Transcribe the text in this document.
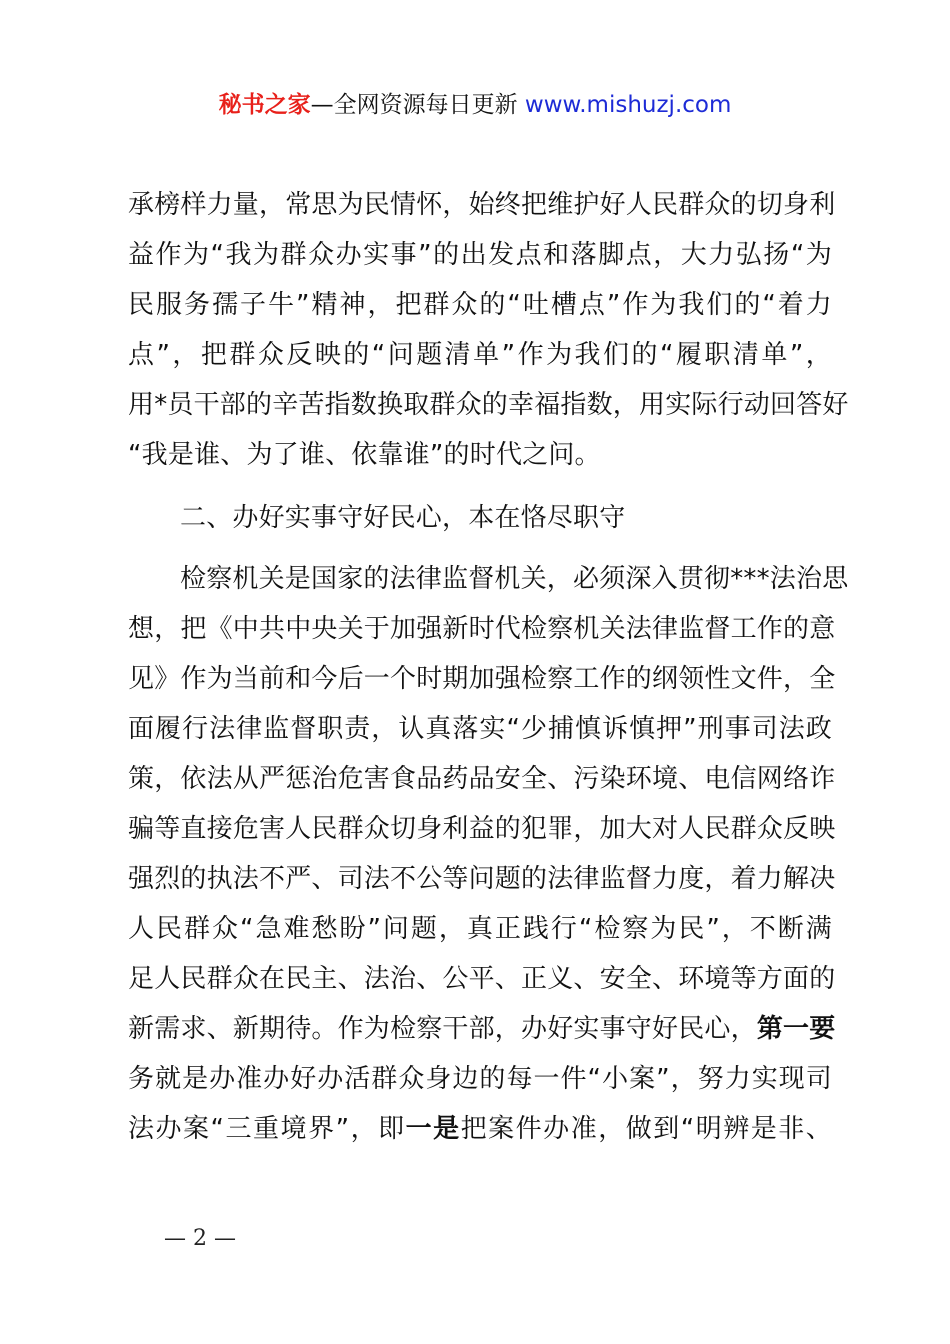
秘书之家—全网资源每日更新 www.mishuzj.com
承榜样力量，常思为民情怀，始终把维护好人民群众的切身利
益作为“我为群众办实事”的出发点和落脚点，大力弘扬“为
民服务孺子牛”精神，把群众的“吐槽点”作为我们的“着力
点”，把群众反映的“问题清单”作为我们的“履职清单”，
用*员干部的辛苦指数换取群众的幸福指数，用实际行动回答好
“我是谁、为了谁、依靠谁”的时代之问。
二、办好实事守好民心，本在恪尽职守
检察机关是国家的法律监督机关，必须深入贯彻***法治思
想，把《中共中央关于加强新时代检察机关法律监督工作的意
见》作为当前和今后一个时期加强检察工作的纲领性文件，全
面履行法律监督职责，认真落实“少捕慎诉慎押”刑事司法政
策，依法从严惩治危害食品药品安全、污染环境、电信网络诈
骗等直接危害人民群众切身利益的犯罪，加大对人民群众反映
强烈的执法不严、司法不公等问题的法律监督力度，着力解决
人民群众“急难愁盼”问题，真正践行“检察为民”，不断满
足人民群众在民主、法治、公平、正义、安全、环境等方面的
新需求、新期待。作为检察干部，办好实事守好民心，第一要
务就是办准办好办活群众身边的每一件“小案”，努力实现司
法办案“三重境界”，即一是把案件办准，做到“明辨是非、
— 2 —
